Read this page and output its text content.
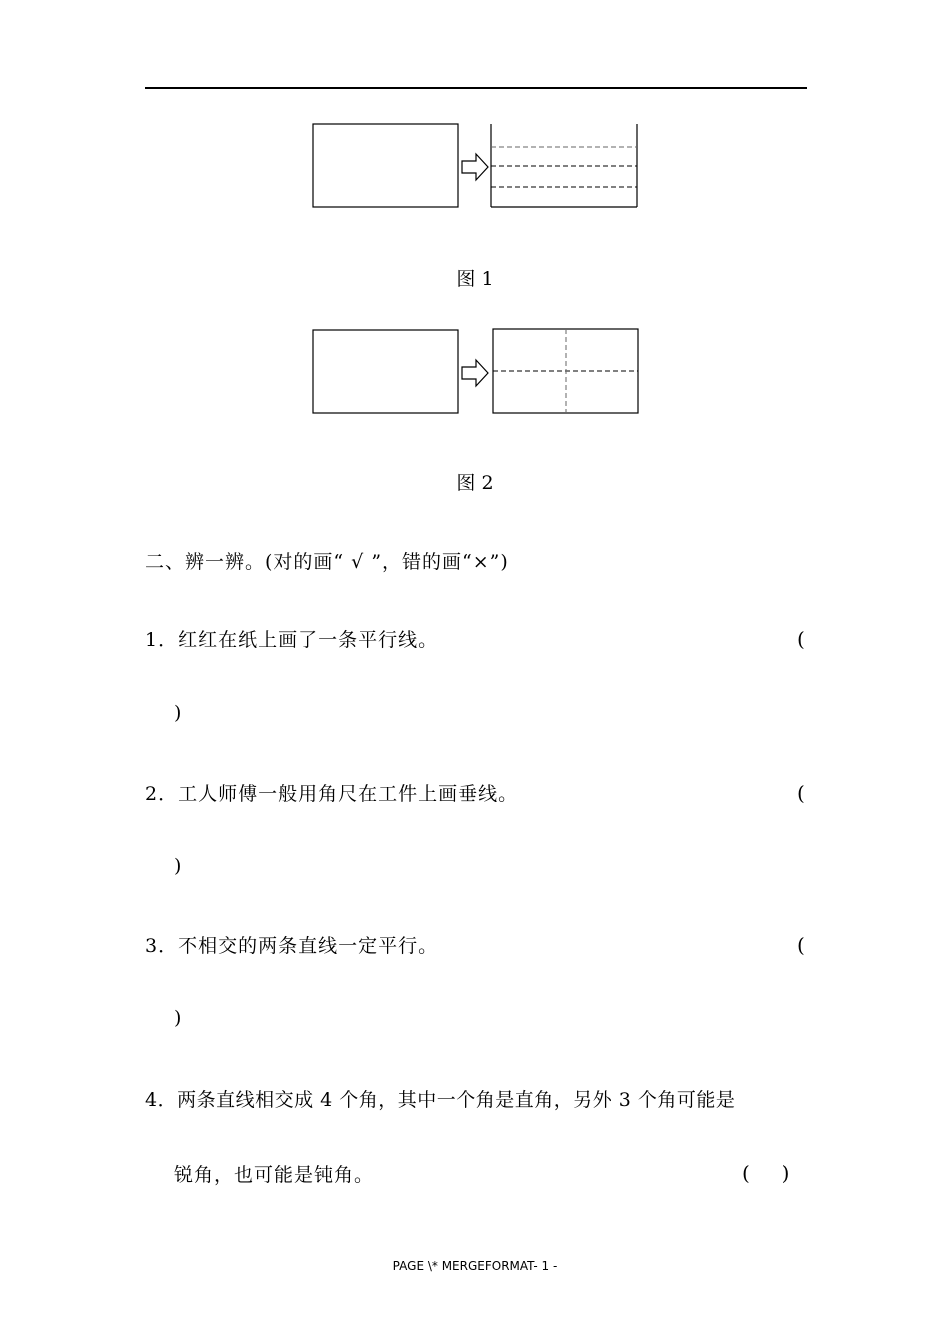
图 1
图 2
二、辨一辨。(对的画“ √ ”，错的画“×”)
1．红红在纸上画了一条平行线。	(
)
2．工人师傅一般用角尺在工件上画垂线。	(
)
3．不相交的两条直线一定平行。	(
)
4．两条直线相交成 4 个角，其中一个角是直角，另外 3 个角可能是
锐角，也可能是钝角。	(     )
PAGE \* MERGEFORMAT- 1 -
